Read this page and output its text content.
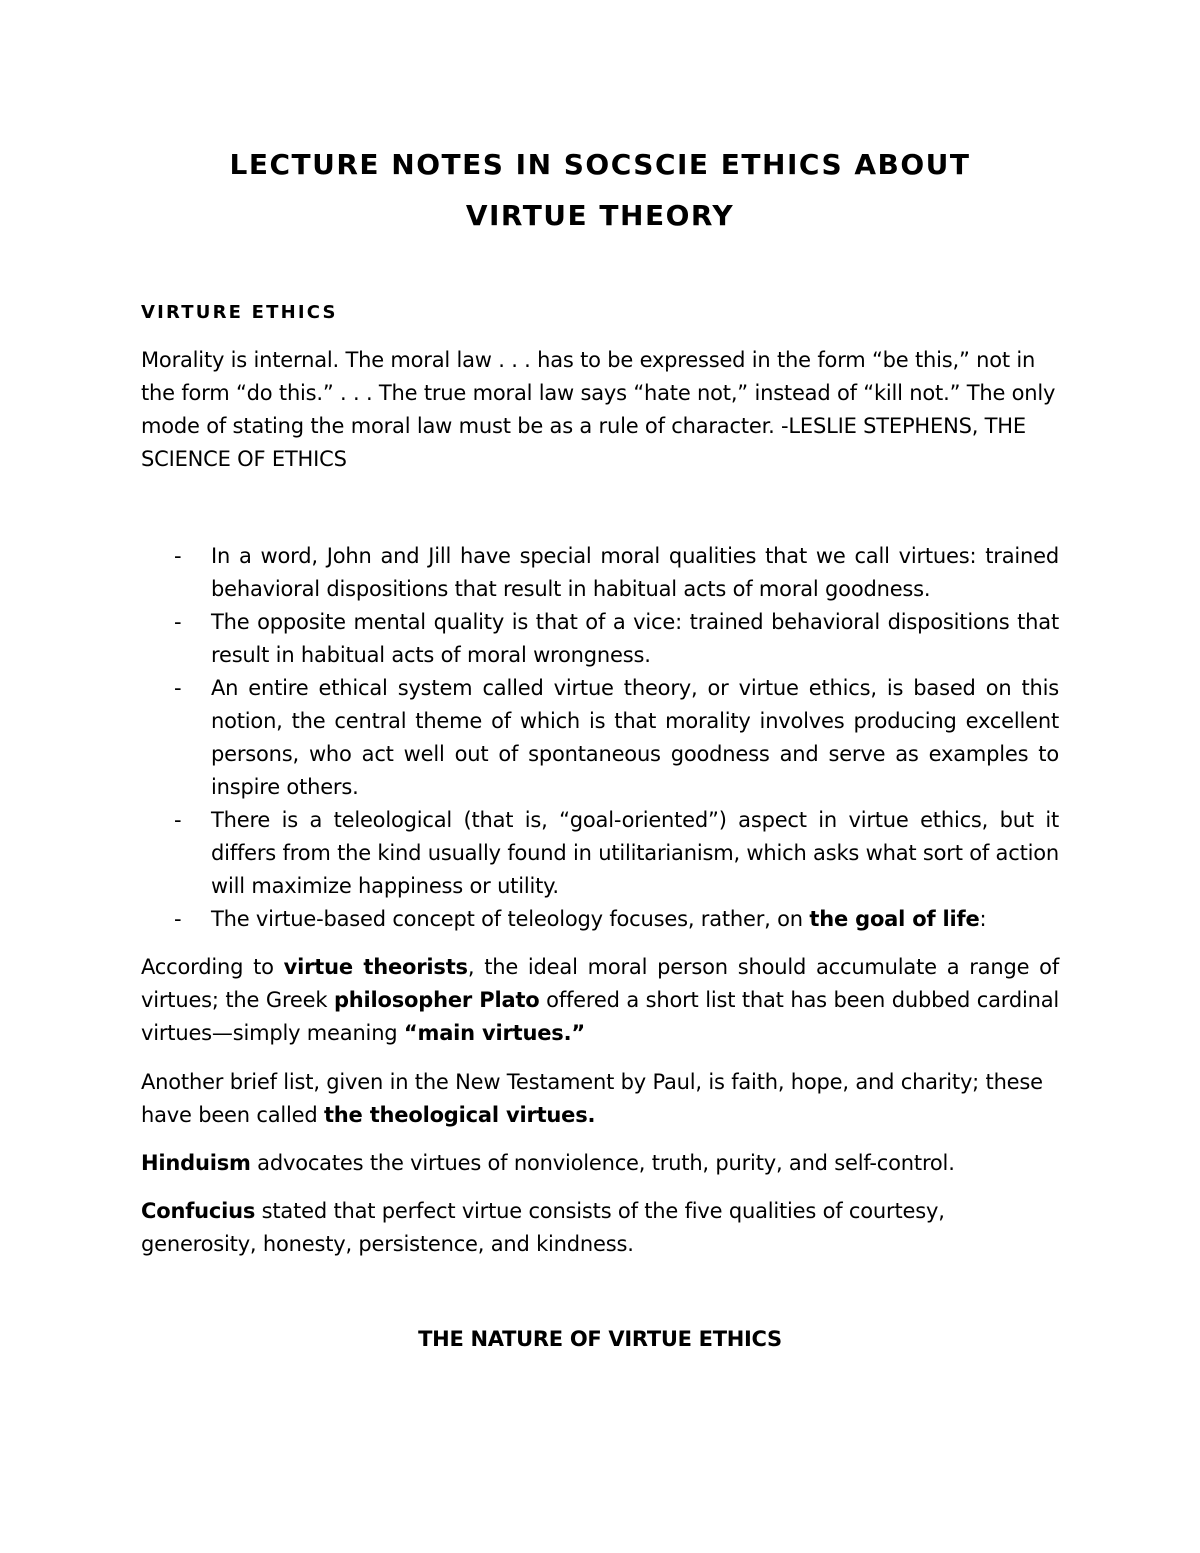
LECTURE NOTES IN SOCSCIE ETHICS ABOUT
VIRTUE THEORY
VIRTURE ETHICS
Morality is internal. The moral law . . . has to be expressed in the form “be this,” not in the form “do this.” . . . The true moral law says “hate not,” instead of “kill not.” The only mode of stating the moral law must be as a rule of character. -LESLIE STEPHENS, THE SCIENCE OF ETHICS
- In a word, John and Jill have special moral qualities that we call virtues: trained behavioral dispositions that result in habitual acts of moral goodness.
- The opposite mental quality is that of a vice: trained behavioral dispositions that result in habitual acts of moral wrongness.
- An entire ethical system called virtue theory, or virtue ethics, is based on this notion, the central theme of which is that morality involves producing excellent persons, who act well out of spontaneous goodness and serve as examples to inspire others.
- There is a teleological (that is, “goal-oriented”) aspect in virtue ethics, but it differs from the kind usually found in utilitarianism, which asks what sort of action will maximize happiness or utility.
- The virtue-based concept of teleology focuses, rather, on the goal of life:
According to virtue theorists, the ideal moral person should accumulate a range of virtues; the Greek philosopher Plato offered a short list that has been dubbed cardinal virtues—simply meaning “main virtues.”
Another brief list, given in the New Testament by Paul, is faith, hope, and charity; these have been called the theological virtues.
Hinduism advocates the virtues of nonviolence, truth, purity, and self-control.
Confucius stated that perfect virtue consists of the five qualities of courtesy, generosity, honesty, persistence, and kindness.
THE NATURE OF VIRTUE ETHICS
